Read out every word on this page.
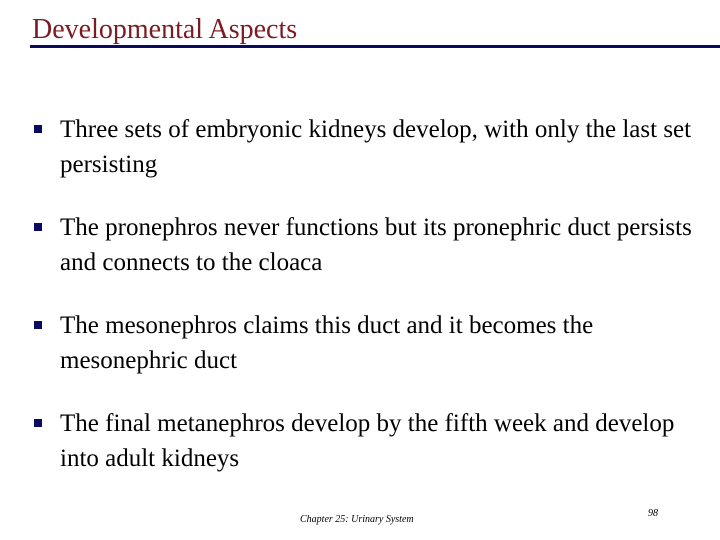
Developmental Aspects
Three sets of embryonic kidneys develop, with only the last set persisting
The pronephros never functions but its pronephric duct persists and connects to the cloaca
The mesonephros claims this duct and it becomes the mesonephric duct
The final metanephros develop by the fifth week and develop into adult kidneys
Chapter 25: Urinary System
98
